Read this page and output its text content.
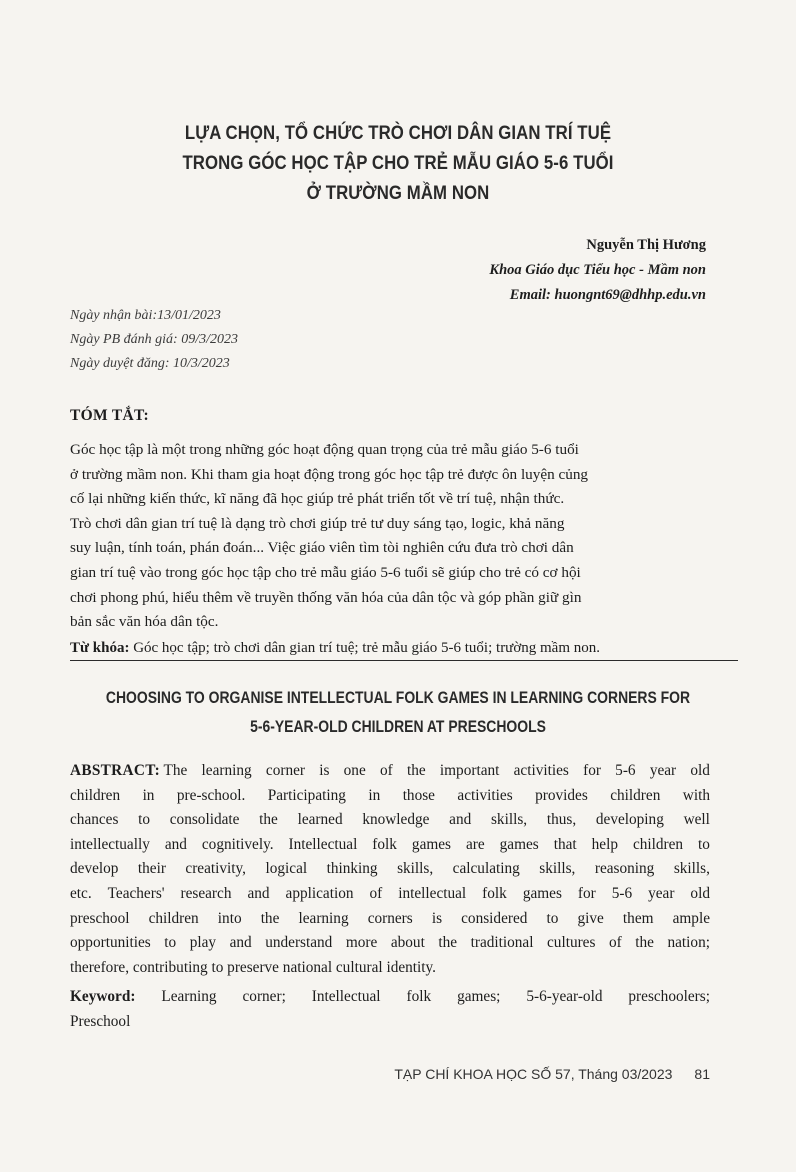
LỰA CHỌN, TỔ CHỨC TRÒ CHƠI DÂN GIAN TRÍ TUỆ
TRONG GÓC HỌC TẬP CHO TRẺ MẪU GIÁO 5-6 TUỔI
Ở TRƯỜNG MẦM NON
Nguyễn Thị Hương
Khoa Giáo dục Tiểu học - Mầm non
Email: huongnt69@dhhp.edu.vn
Ngày nhận bài:13/01/2023
Ngày PB đánh giá: 09/3/2023
Ngày duyệt đăng: 10/3/2023
TÓM TẮT:
Góc học tập là một trong những góc hoạt động quan trọng của trẻ mẫu giáo 5-6 tuổi
ở trường mầm non. Khi tham gia hoạt động trong góc học tập trẻ được ôn luyện củng
cố lại những kiến thức, kĩ năng đã học giúp trẻ phát triển tốt về trí tuệ, nhận thức.
Trò chơi dân gian trí tuệ là dạng trò chơi giúp trẻ tư duy sáng tạo, logic, khả năng
suy luận, tính toán, phán đoán... Việc giáo viên tìm tòi nghiên cứu đưa trò chơi dân
gian trí tuệ vào trong góc học tập cho trẻ mẫu giáo 5-6 tuổi sẽ giúp cho trẻ có cơ hội
chơi phong phú, hiểu thêm về truyền thống văn hóa của dân tộc và góp phần giữ gìn
bản sắc văn hóa dân tộc.
Từ khóa: Góc học tập; trò chơi dân gian trí tuệ; trẻ mẫu giáo 5-6 tuổi; trường mầm non.
CHOOSING TO ORGANISE INTELLECTUAL FOLK GAMES IN LEARNING CORNERS FOR
5-6-YEAR-OLD CHILDREN AT PRESCHOOLS
ABSTRACT: The learning corner is one of the important activities for 5-6 year old
children in pre-school. Participating in those activities provides children with
chances to consolidate the learned knowledge and skills, thus, developing well
intellectually and cognitively. Intellectual folk games are games that help children to
develop their creativity, logical thinking skills, calculating skills, reasoning skills,
etc. Teachers' research and application of intellectual folk games for 5-6 year old
preschool children into the learning corners is considered to give them ample
opportunities to play and understand more about the traditional cultures of the nation;
therefore, contributing to preserve national cultural identity.
Keyword: Learning corner; Intellectual folk games; 5-6-year-old preschoolers;
Preschool
TẠP CHÍ KHOA HỌC SỐ 57, Tháng 03/2023 81
